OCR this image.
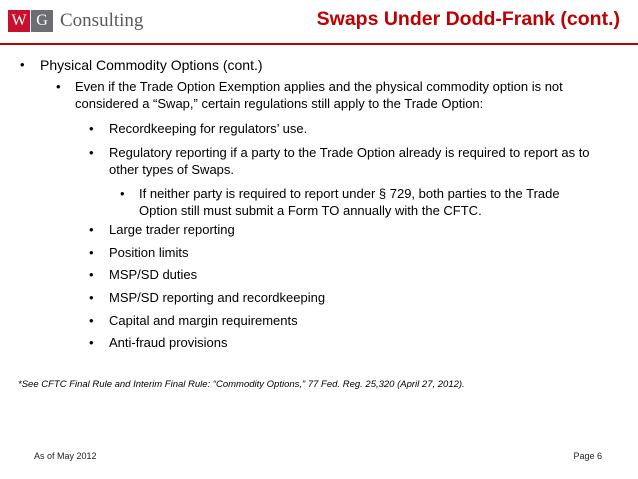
W G Consulting	Swaps Under Dodd-Frank (cont.)
• Physical Commodity Options (cont.)
• Even if the Trade Option Exemption applies and the physical commodity option is not
considered a “Swap,” certain regulations still apply to the Trade Option:
• Recordkeeping for regulators’ use.
• Regulatory reporting if a party to the Trade Option already is required to report as to
other types of Swaps.
• If neither party is required to report under § 729, both parties to the Trade
Option still must submit a Form TO annually with the CFTC.
• Large trader reporting
• Position limits
• MSP/SD duties
• MSP/SD reporting and recordkeeping
• Capital and margin requirements
• Anti-fraud provisions
*See CFTC Final Rule and Interim Final Rule: “Commodity Options,” 77 Fed. Reg. 25,320 (April 27, 2012).
As of May 2012	Page 6
